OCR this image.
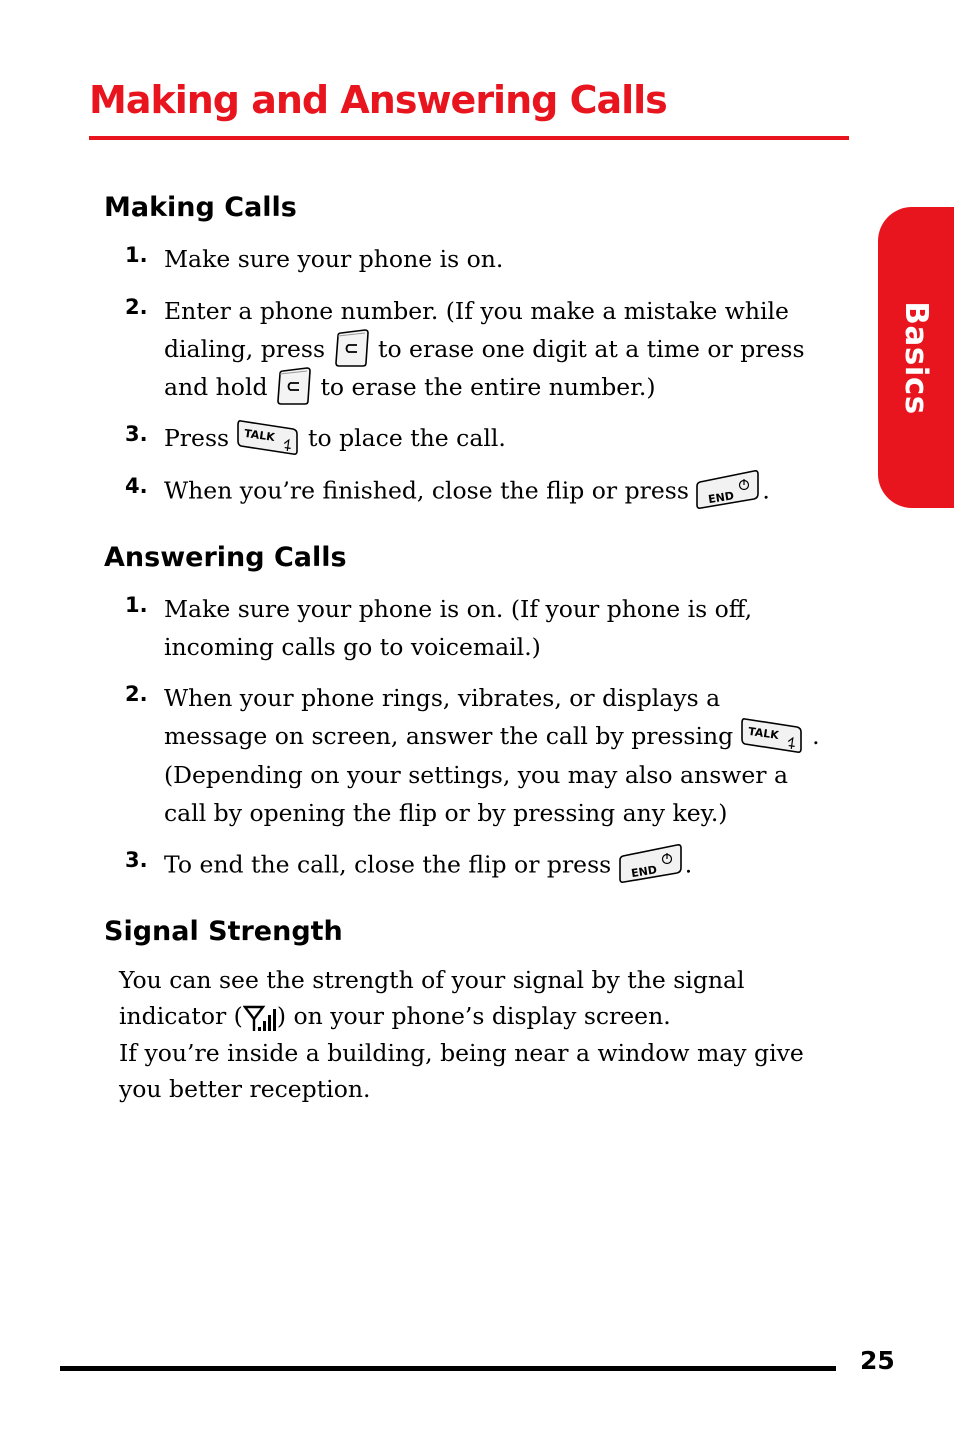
Making and Answering Calls
Basics
Making Calls
1. Make sure your phone is on.
2. Enter a phone number. (If you make a mistake while
dialing, press to erase one digit at a time or press
and hold to erase the entire number.)
3. Press TALK to place the call.
4. When you’re finished, close the flip or press END .
Answering Calls
1. Make sure your phone is on. (If your phone is off,
incoming calls go to voicemail.)
2. When your phone rings, vibrates, or displays a
message on screen, answer the call by pressing TALK .
(Depending on your settings, you may also answer a
call by opening the flip or by pressing any key.)
3. To end the call, close the flip or press END .
Signal Strength
You can see the strength of your signal by the signal
indicator ( ) on your phone’s display screen.
If you’re inside a building, being near a window may give
you better reception.
25
